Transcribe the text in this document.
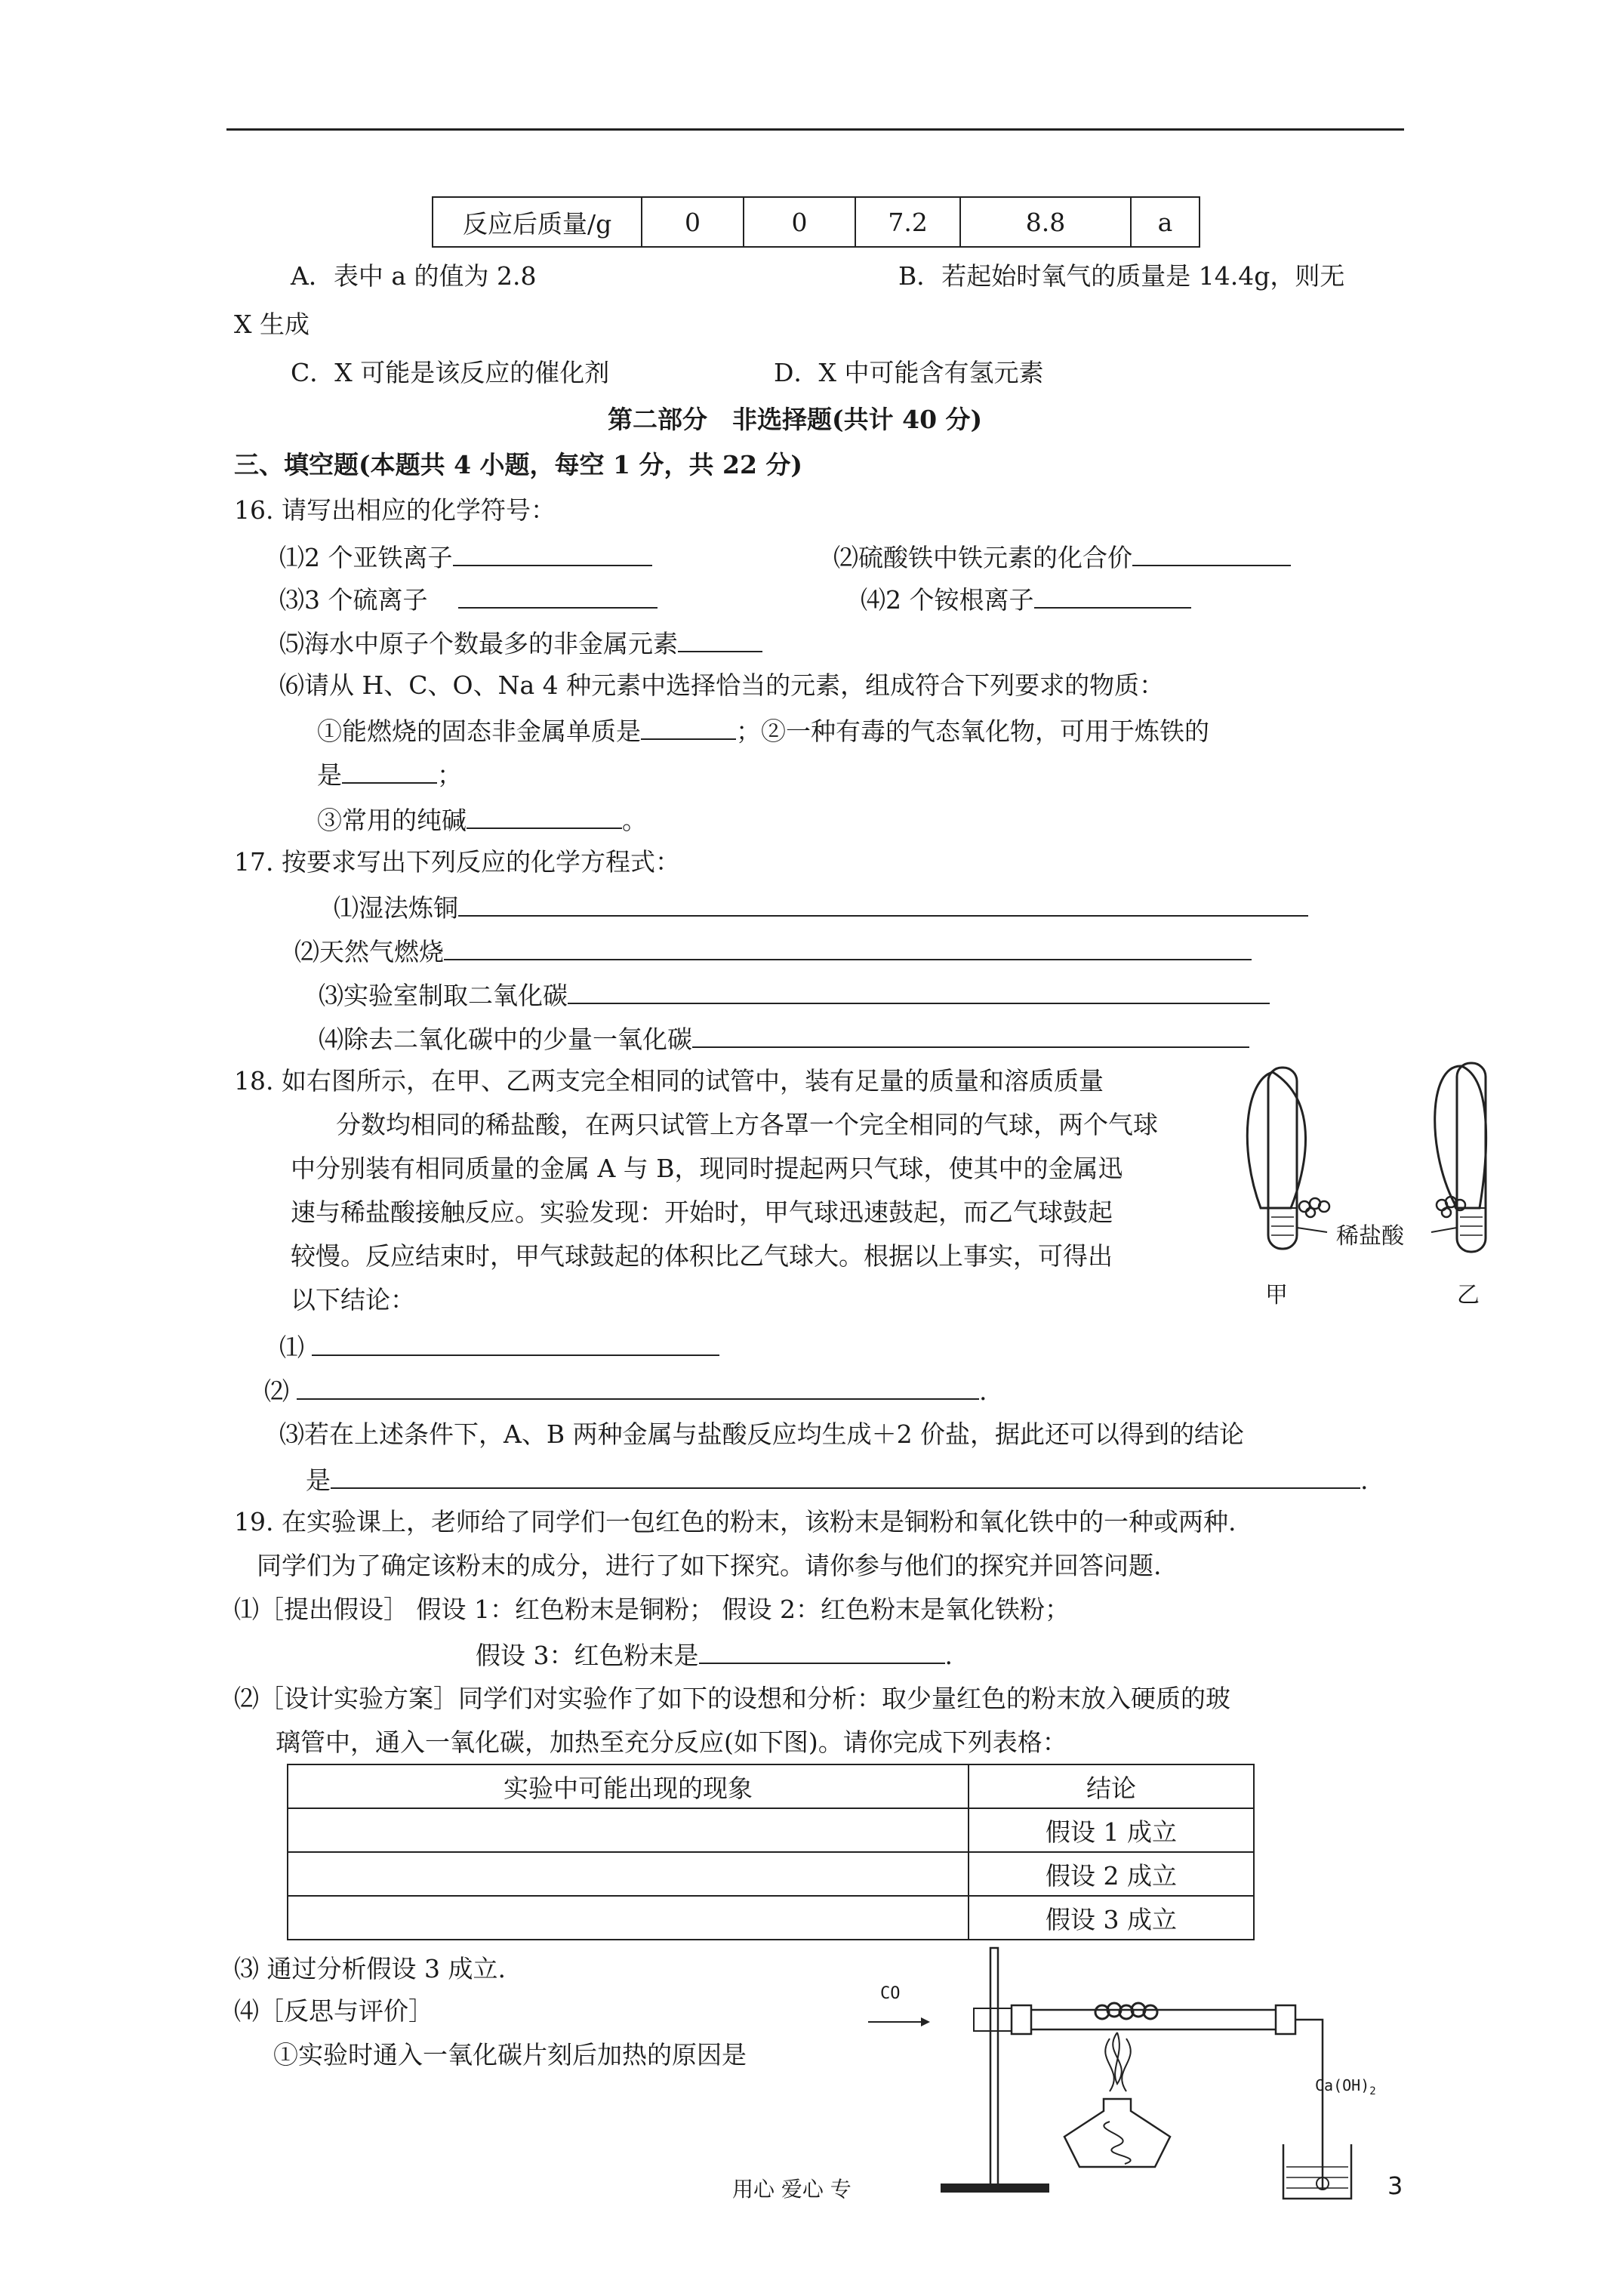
反应后质量/g	0	0	7.2	8.8	a
A．表中 a 的值为 2.8	B．若起始时氧气的质量是 14.4g，则无
X 生成
C．X 可能是该反应的催化剂	D．X 中可能含有氢元素
第二部分　非选择题(共计 40 分)
三、填空题(本题共 4 小题，每空 1 分，共 22 分)
16. 请写出相应的化学符号：
⑴2 个亚铁离子	⑵硫酸铁中铁元素的化合价
⑶3 个硫离子	⑷2 个铵根离子
⑸海水中原子个数最多的非金属元素
⑹请从 H、C、O、Na 4 种元素中选择恰当的元素，组成符合下列要求的物质：
①能燃烧的固态非金属单质是	；②一种有毒的气态氧化物，可用于炼铁的
是	；
③常用的纯碱	。
17. 按要求写出下列反应的化学方程式：
⑴湿法炼铜
⑵天然气燃烧
⑶实验室制取二氧化碳
⑷除去二氧化碳中的少量一氧化碳
18. 如右图所示，在甲、乙两支完全相同的试管中，装有足量的质量和溶质质量
分数均相同的稀盐酸，在两只试管上方各罩一个完全相同的气球，两个气球
中分别装有相同质量的金属 A 与 B，现同时提起两只气球，使其中的金属迅
速与稀盐酸接触反应。实验发现：开始时，甲气球迅速鼓起，而乙气球鼓起
较慢。反应结束时，甲气球鼓起的体积比乙气球大。根据以上事实，可得出
以下结论：
⑴
⑵	.
⑶若在上述条件下，A、B 两种金属与盐酸反应均生成＋2 价盐，据此还可以得到的结论
是	.
稀盐酸
甲	乙
19. 在实验课上，老师给了同学们一包红色的粉末，该粉末是铜粉和氧化铁中的一种或两种.
同学们为了确定该粉末的成分，进行了如下探究。请你参与他们的探究并回答问题.
⑴［提出假设］ 假设 1：红色粉末是铜粉； 假设 2：红色粉末是氧化铁粉；
假设 3：红色粉末是	.
⑵［设计实验方案］同学们对实验作了如下的设想和分析：取少量红色的粉末放入硬质的玻
璃管中，通入一氧化碳，加热至充分反应(如下图)。请你完成下列表格：
实验中可能出现的现象	结论
	假设 1 成立
	假设 2 成立
	假设 3 成立
⑶ 通过分析假设 3 成立.
⑷［反思与评价］
①实验时通入一氧化碳片刻后加热的原因是
CO
$Ca(OH)_2$
用心 爱心 专	3
